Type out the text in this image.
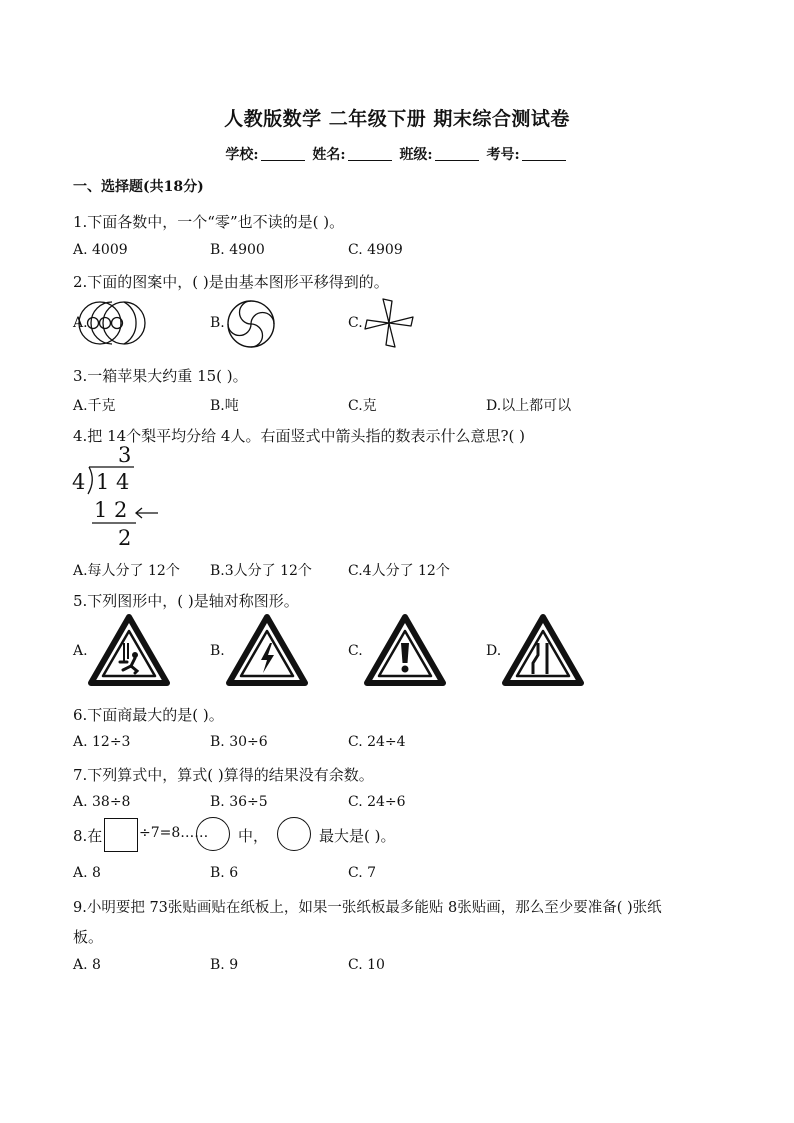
人教版数学 二年级下册 期末综合测试卷
学校:	姓名:	班级:	考号:
一、选择题(共18分)
1.下面各数中，一个“零”也不读的是( )。
A. 4009	B. 4900	C. 4909
2.下面的图案中，( )是由基本图形平移得到的。
A.	B.	C.
3.一箱苹果大约重 15( )。
A.千克	B.吨	C.克	D.以上都可以
4.把 14个梨平均分给 4人。右面竖式中箭头指的数表示什么意思?( )
3
4 1 4
1 2
2
A.每人分了 12个 B.3人分了 12个	C.4人分了 12个
5.下列图形中，( )是轴对称图形。
A.	B.	C.	D.
6.下面商最大的是( )。
A. 12÷3	B. 30÷6	C. 24÷4
7.下列算式中，算式( )算得的结果没有余数。
A. 38÷8	B. 36÷5	C. 24÷6
8.在	÷7=8…… 中，	最大是( )。
A. 8	B. 6	C. 7
9.小明要把 73张贴画贴在纸板上，如果一张纸板最多能贴 8张贴画，那么至少要准备( )张纸
板。
A. 8	B. 9	C. 10
